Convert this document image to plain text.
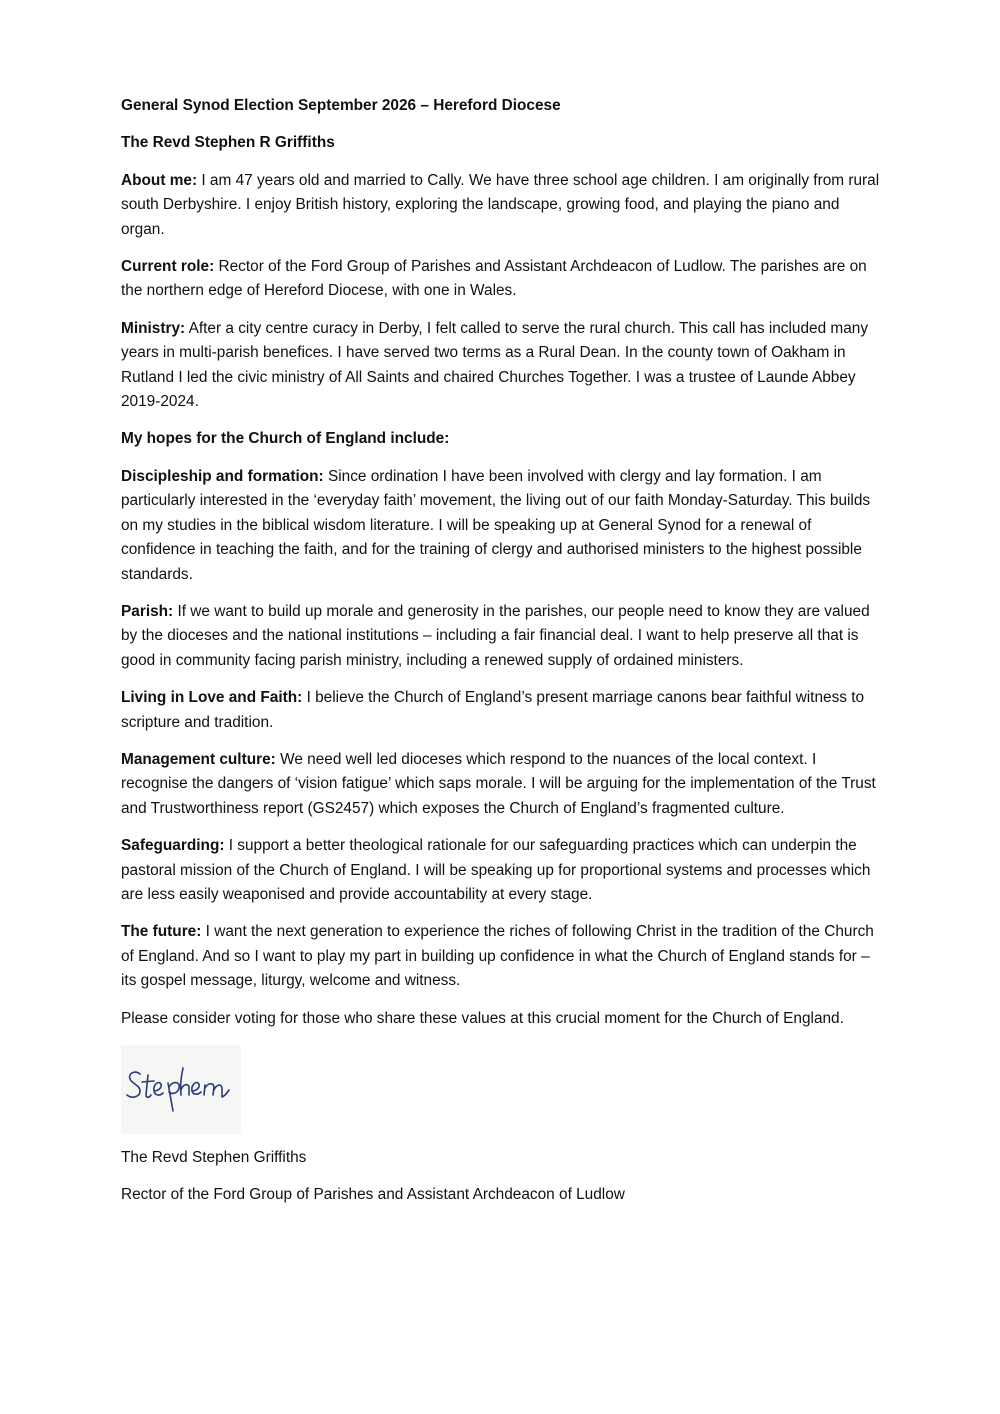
General Synod Election September 2026 – Hereford Diocese
The Revd Stephen R Griffiths

About me: I am 47 years old and married to Cally. We have three school age children. I am originally from rural south Derbyshire. I enjoy British history, exploring the landscape, growing food, and playing the piano and organ.

Current role: Rector of the Ford Group of Parishes and Assistant Archdeacon of Ludlow. The parishes are on the northern edge of Hereford Diocese, with one in Wales.

Ministry: After a city centre curacy in Derby, I felt called to serve the rural church. This call has included many years in multi-parish benefices. I have served two terms as a Rural Dean. In the county town of Oakham in Rutland I led the civic ministry of All Saints and chaired Churches Together. I was a trustee of Launde Abbey 2019-2024.

My hopes for the Church of England include:

Discipleship and formation: Since ordination I have been involved with clergy and lay formation. I am particularly interested in the ‘everyday faith’ movement, the living out of our faith Monday-Saturday. This builds on my studies in the biblical wisdom literature. I will be speaking up at General Synod for a renewal of confidence in teaching the faith, and for the training of clergy and authorised ministers to the highest possible standards.

Parish: If we want to build up morale and generosity in the parishes, our people need to know they are valued by the dioceses and the national institutions – including a fair financial deal. I want to help preserve all that is good in community facing parish ministry, including a renewed supply of ordained ministers.

Living in Love and Faith: I believe the Church of England’s present marriage canons bear faithful witness to scripture and tradition.

Management culture: We need well led dioceses which respond to the nuances of the local context. I recognise the dangers of ‘vision fatigue’ which saps morale. I will be arguing for the implementation of the Trust and Trustworthiness report (GS2457) which exposes the Church of England’s fragmented culture.

Safeguarding: I support a better theological rationale for our safeguarding practices which can underpin the pastoral mission of the Church of England. I will be speaking up for proportional systems and processes which are less easily weaponised and provide accountability at every stage.

The future: I want the next generation to experience the riches of following Christ in the tradition of the Church of England. And so I want to play my part in building up confidence in what the Church of England stands for – its gospel message, liturgy, welcome and witness.

Please consider voting for those who share these values at this crucial moment for the Church of England.

The Revd Stephen Griffiths

Rector of the Ford Group of Parishes and Assistant Archdeacon of Ludlow
